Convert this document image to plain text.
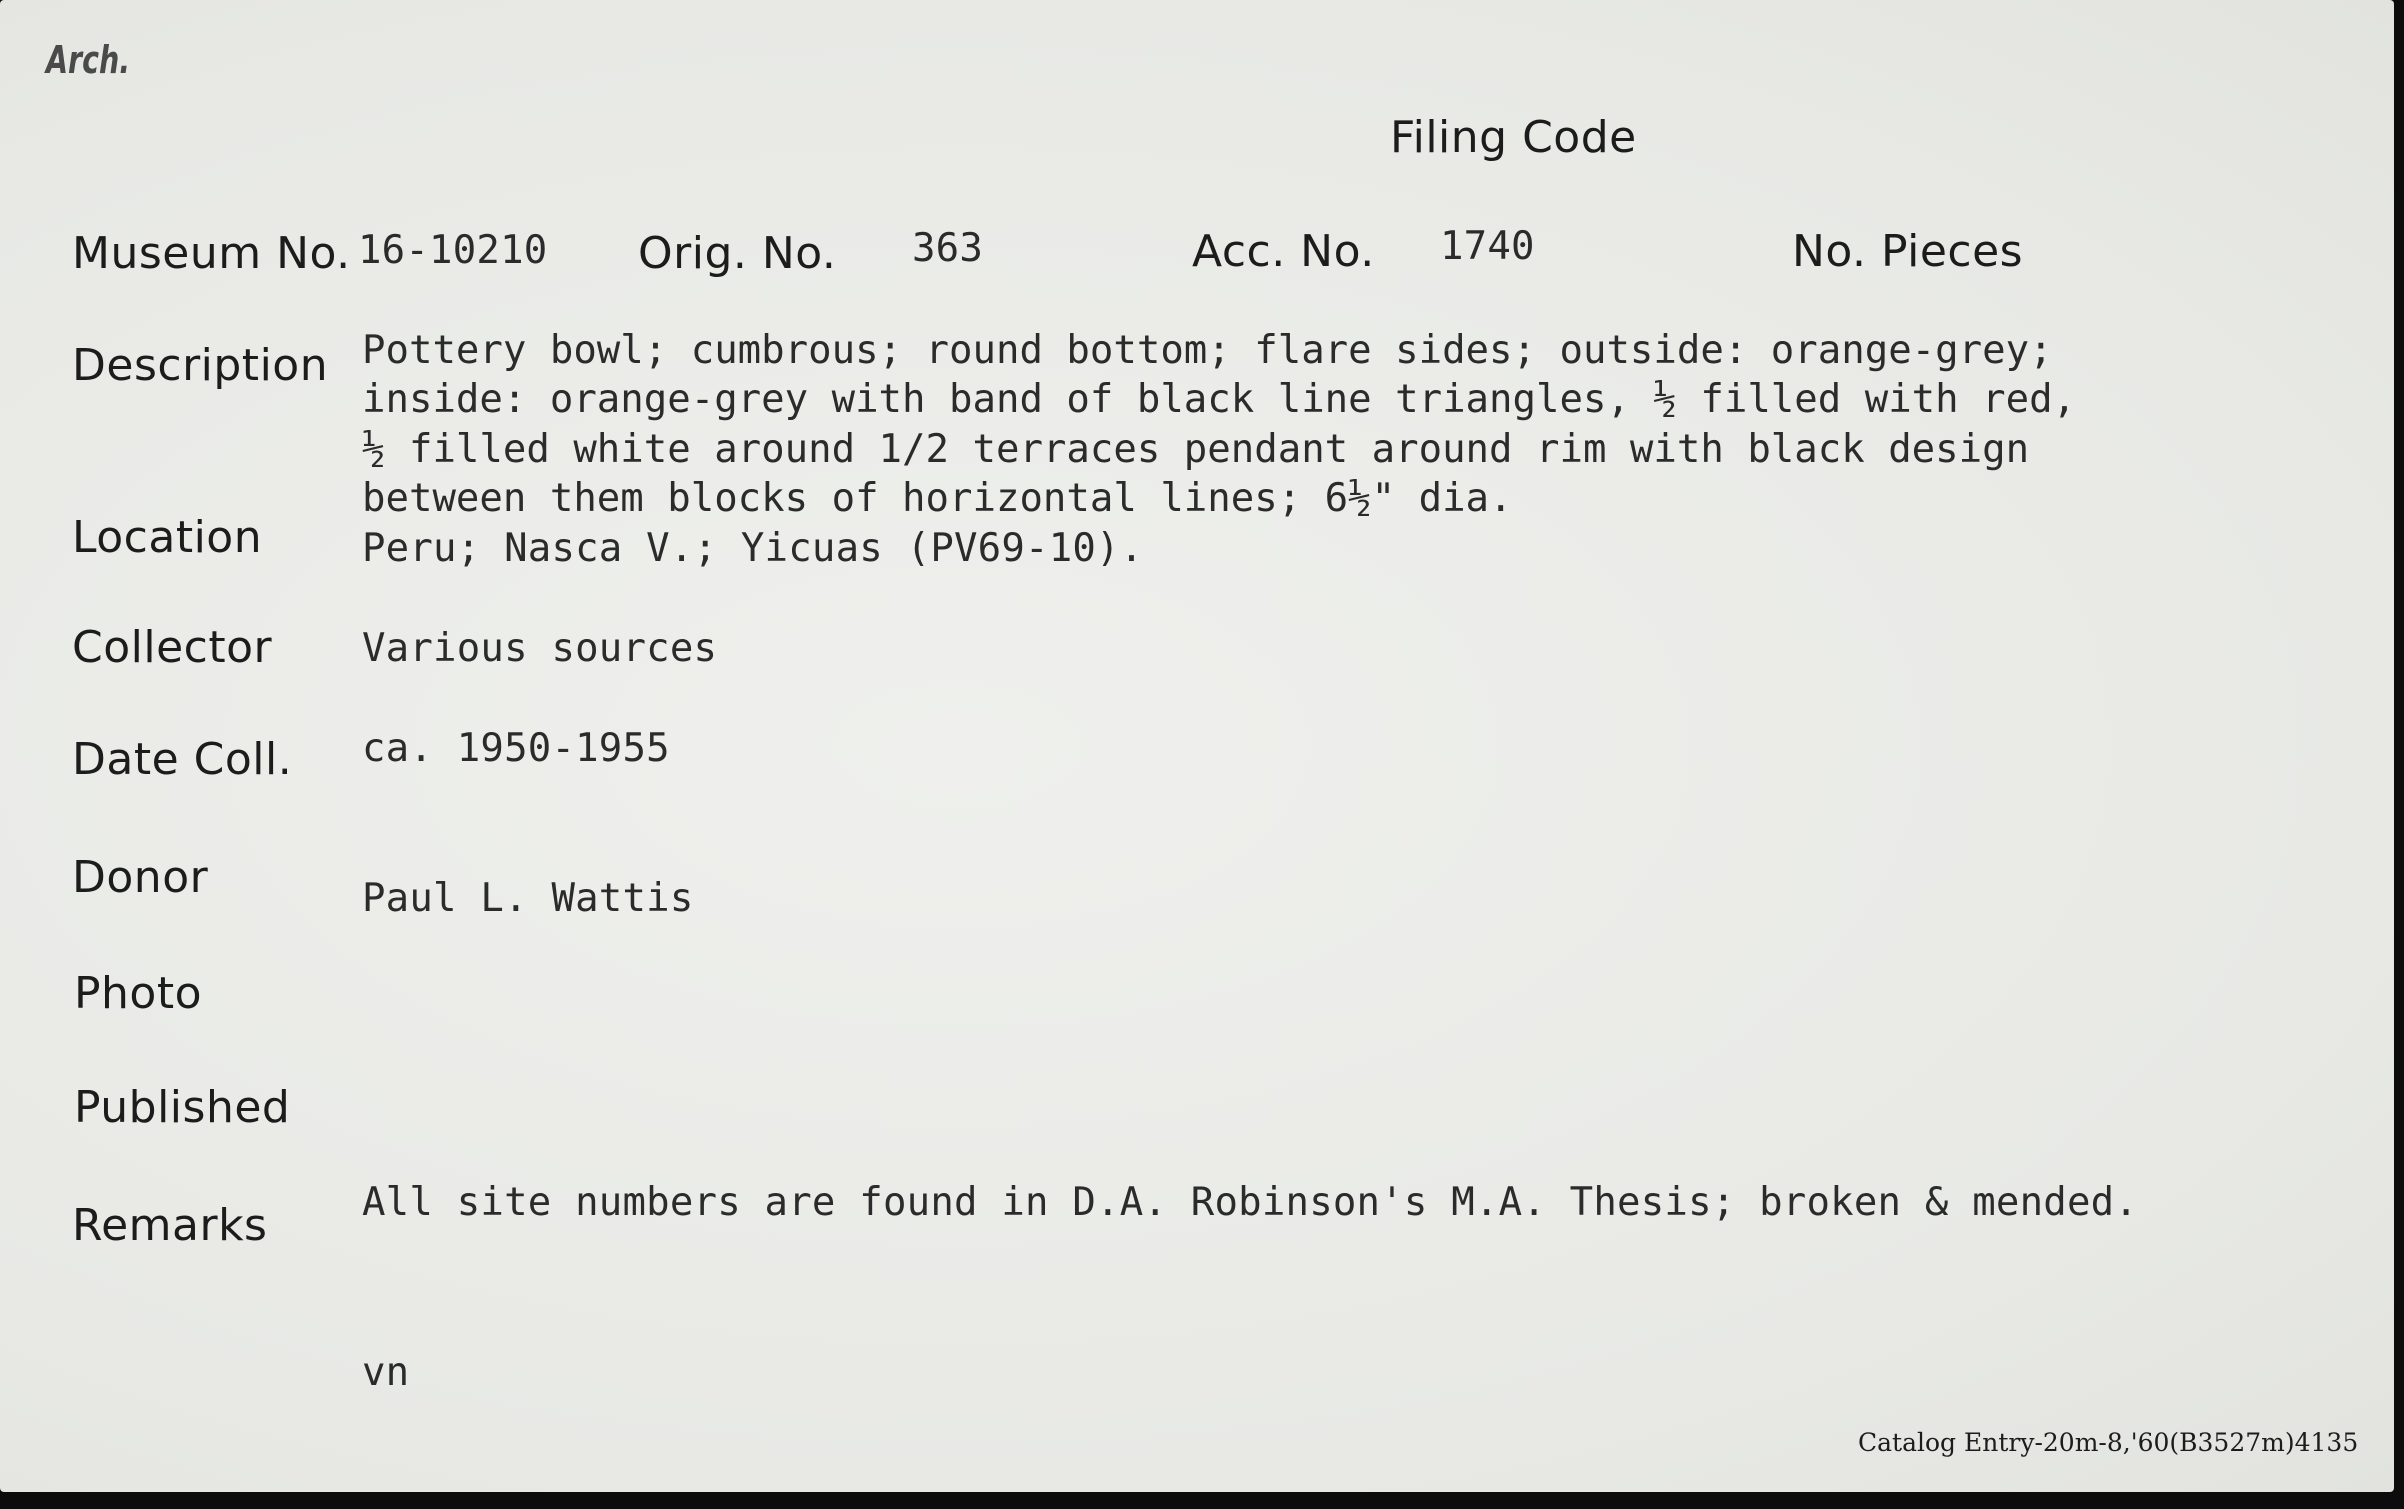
Arch.
Filing Code
Museum No. 16-10210 Orig. No. 363	Acc. No. 1740	No. Pieces
Description Pottery bowl; cumbrous; round bottom; flare sides; outside: orange-grey;
inside: orange-grey with band of black line triangles, ½ filled with red,
½ filled white around 1/2 terraces pendant around rim with black design
between them blocks of horizontal lines; 6½" dia.
Location	Peru; Nasca V.; Yicuas (PV69-10).
Collector Various sources
Date Coll. ca. 1950-1955
Donor	Paul L. Wattis
Photo
Published
Remarks All site numbers are found in D.A. Robinson's M.A. Thesis; broken & mended.
vn
Catalog Entry-20m-8,'60(B3527m)4135
